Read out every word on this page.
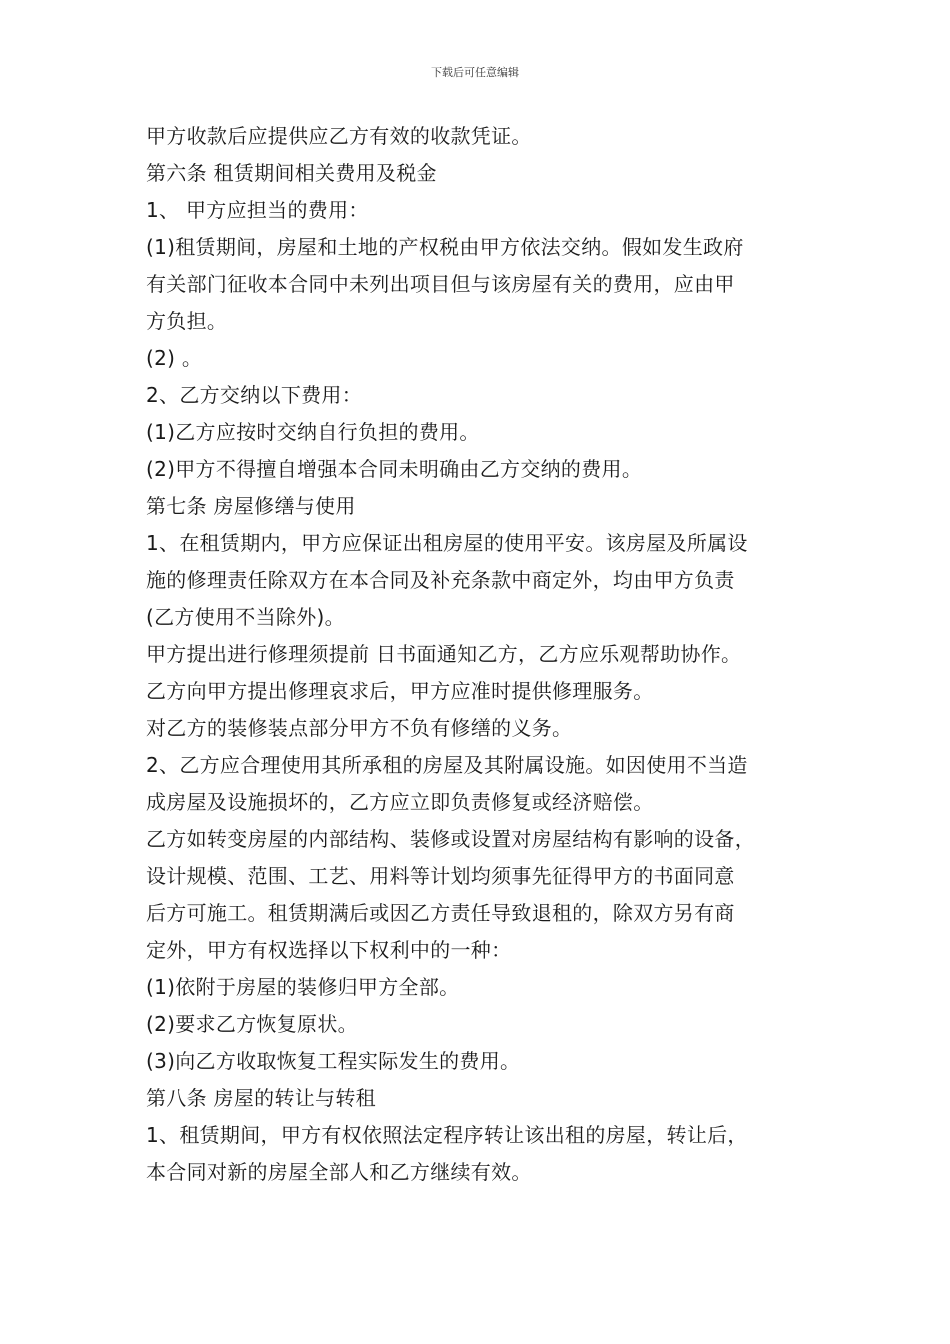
下载后可任意编辑
甲方收款后应提供应乙方有效的收款凭证。
第六条 租赁期间相关费用及税金
1、 甲方应担当的费用：
(1)租赁期间，房屋和土地的产权税由甲方依法交纳。假如发生政府
有关部门征收本合同中未列出项目但与该房屋有关的费用，应由甲
方负担。
(2) 。
2、乙方交纳以下费用：
(1)乙方应按时交纳自行负担的费用。
(2)甲方不得擅自增强本合同未明确由乙方交纳的费用。
第七条 房屋修缮与使用
1、在租赁期内，甲方应保证出租房屋的使用平安。该房屋及所属设
施的修理责任除双方在本合同及补充条款中商定外，均由甲方负责
(乙方使用不当除外)。
甲方提出进行修理须提前 日书面通知乙方，乙方应乐观帮助协作。
乙方向甲方提出修理哀求后，甲方应准时提供修理服务。
对乙方的装修装点部分甲方不负有修缮的义务。
2、乙方应合理使用其所承租的房屋及其附属设施。如因使用不当造
成房屋及设施损坏的，乙方应立即负责修复或经济赔偿。
乙方如转变房屋的内部结构、装修或设置对房屋结构有影响的设备，
设计规模、范围、工艺、用料等计划均须事先征得甲方的书面同意
后方可施工。租赁期满后或因乙方责任导致退租的，除双方另有商
定外，甲方有权选择以下权利中的一种：
(1)依附于房屋的装修归甲方全部。
(2)要求乙方恢复原状。
(3)向乙方收取恢复工程实际发生的费用。
第八条 房屋的转让与转租
1、租赁期间，甲方有权依照法定程序转让该出租的房屋，转让后，
本合同对新的房屋全部人和乙方继续有效。
